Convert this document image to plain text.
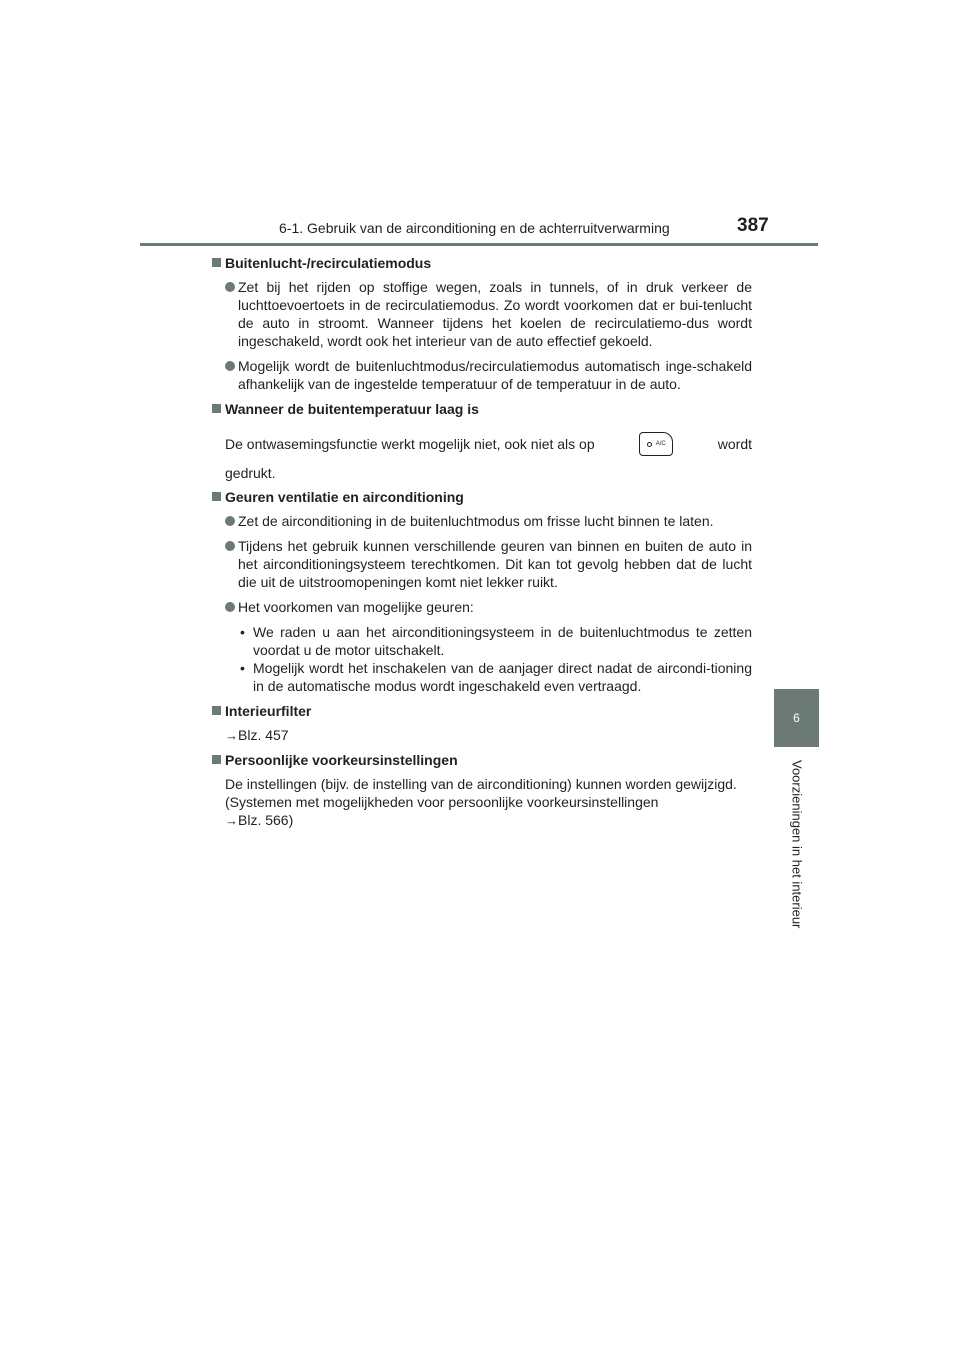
6-1. Gebruik van de airconditioning en de achterruitverwarming	387
6
Voorzieningen in het interieur
Buitenlucht-/recirculatiemodus
Zet bij het rijden op stoffige wegen, zoals in tunnels, of in druk verkeer de luchttoevoertoets in de recirculatiemodus. Zo wordt voorkomen dat er bui-tenlucht de auto in stroomt. Wanneer tijdens het koelen de recirculatiemo-dus wordt ingeschakeld, wordt ook het interieur van de auto effectief gekoeld.
Mogelijk wordt de buitenluchtmodus/recirculatiemodus automatisch inge-schakeld afhankelijk van de ingestelde temperatuur of de temperatuur in de auto.
Wanneer de buitentemperatuur laag is
De ontwasemingsfunctie werkt mogelijk niet, ook niet als op	A/C	wordt
gedrukt.
Geuren ventilatie en airconditioning
Zet de airconditioning in de buitenluchtmodus om frisse lucht binnen te laten.
Tijdens het gebruik kunnen verschillende geuren van binnen en buiten de auto in het airconditioningsysteem terechtkomen. Dit kan tot gevolg hebben dat de lucht die uit de uitstroomopeningen komt niet lekker ruikt.
Het voorkomen van mogelijke geuren:
• We raden u aan het airconditioningsysteem in de buitenluchtmodus te zetten voordat u de motor uitschakelt.
• Mogelijk wordt het inschakelen van de aanjager direct nadat de aircondi-tioning in de automatische modus wordt ingeschakeld even vertraagd.
Interieurfilter
→Blz. 457
Persoonlijke voorkeursinstellingen
De instellingen (bijv. de instelling van de airconditioning) kunnen worden gewijzigd.
(Systemen met mogelijkheden voor persoonlijke voorkeursinstellingen
→Blz. 566)
